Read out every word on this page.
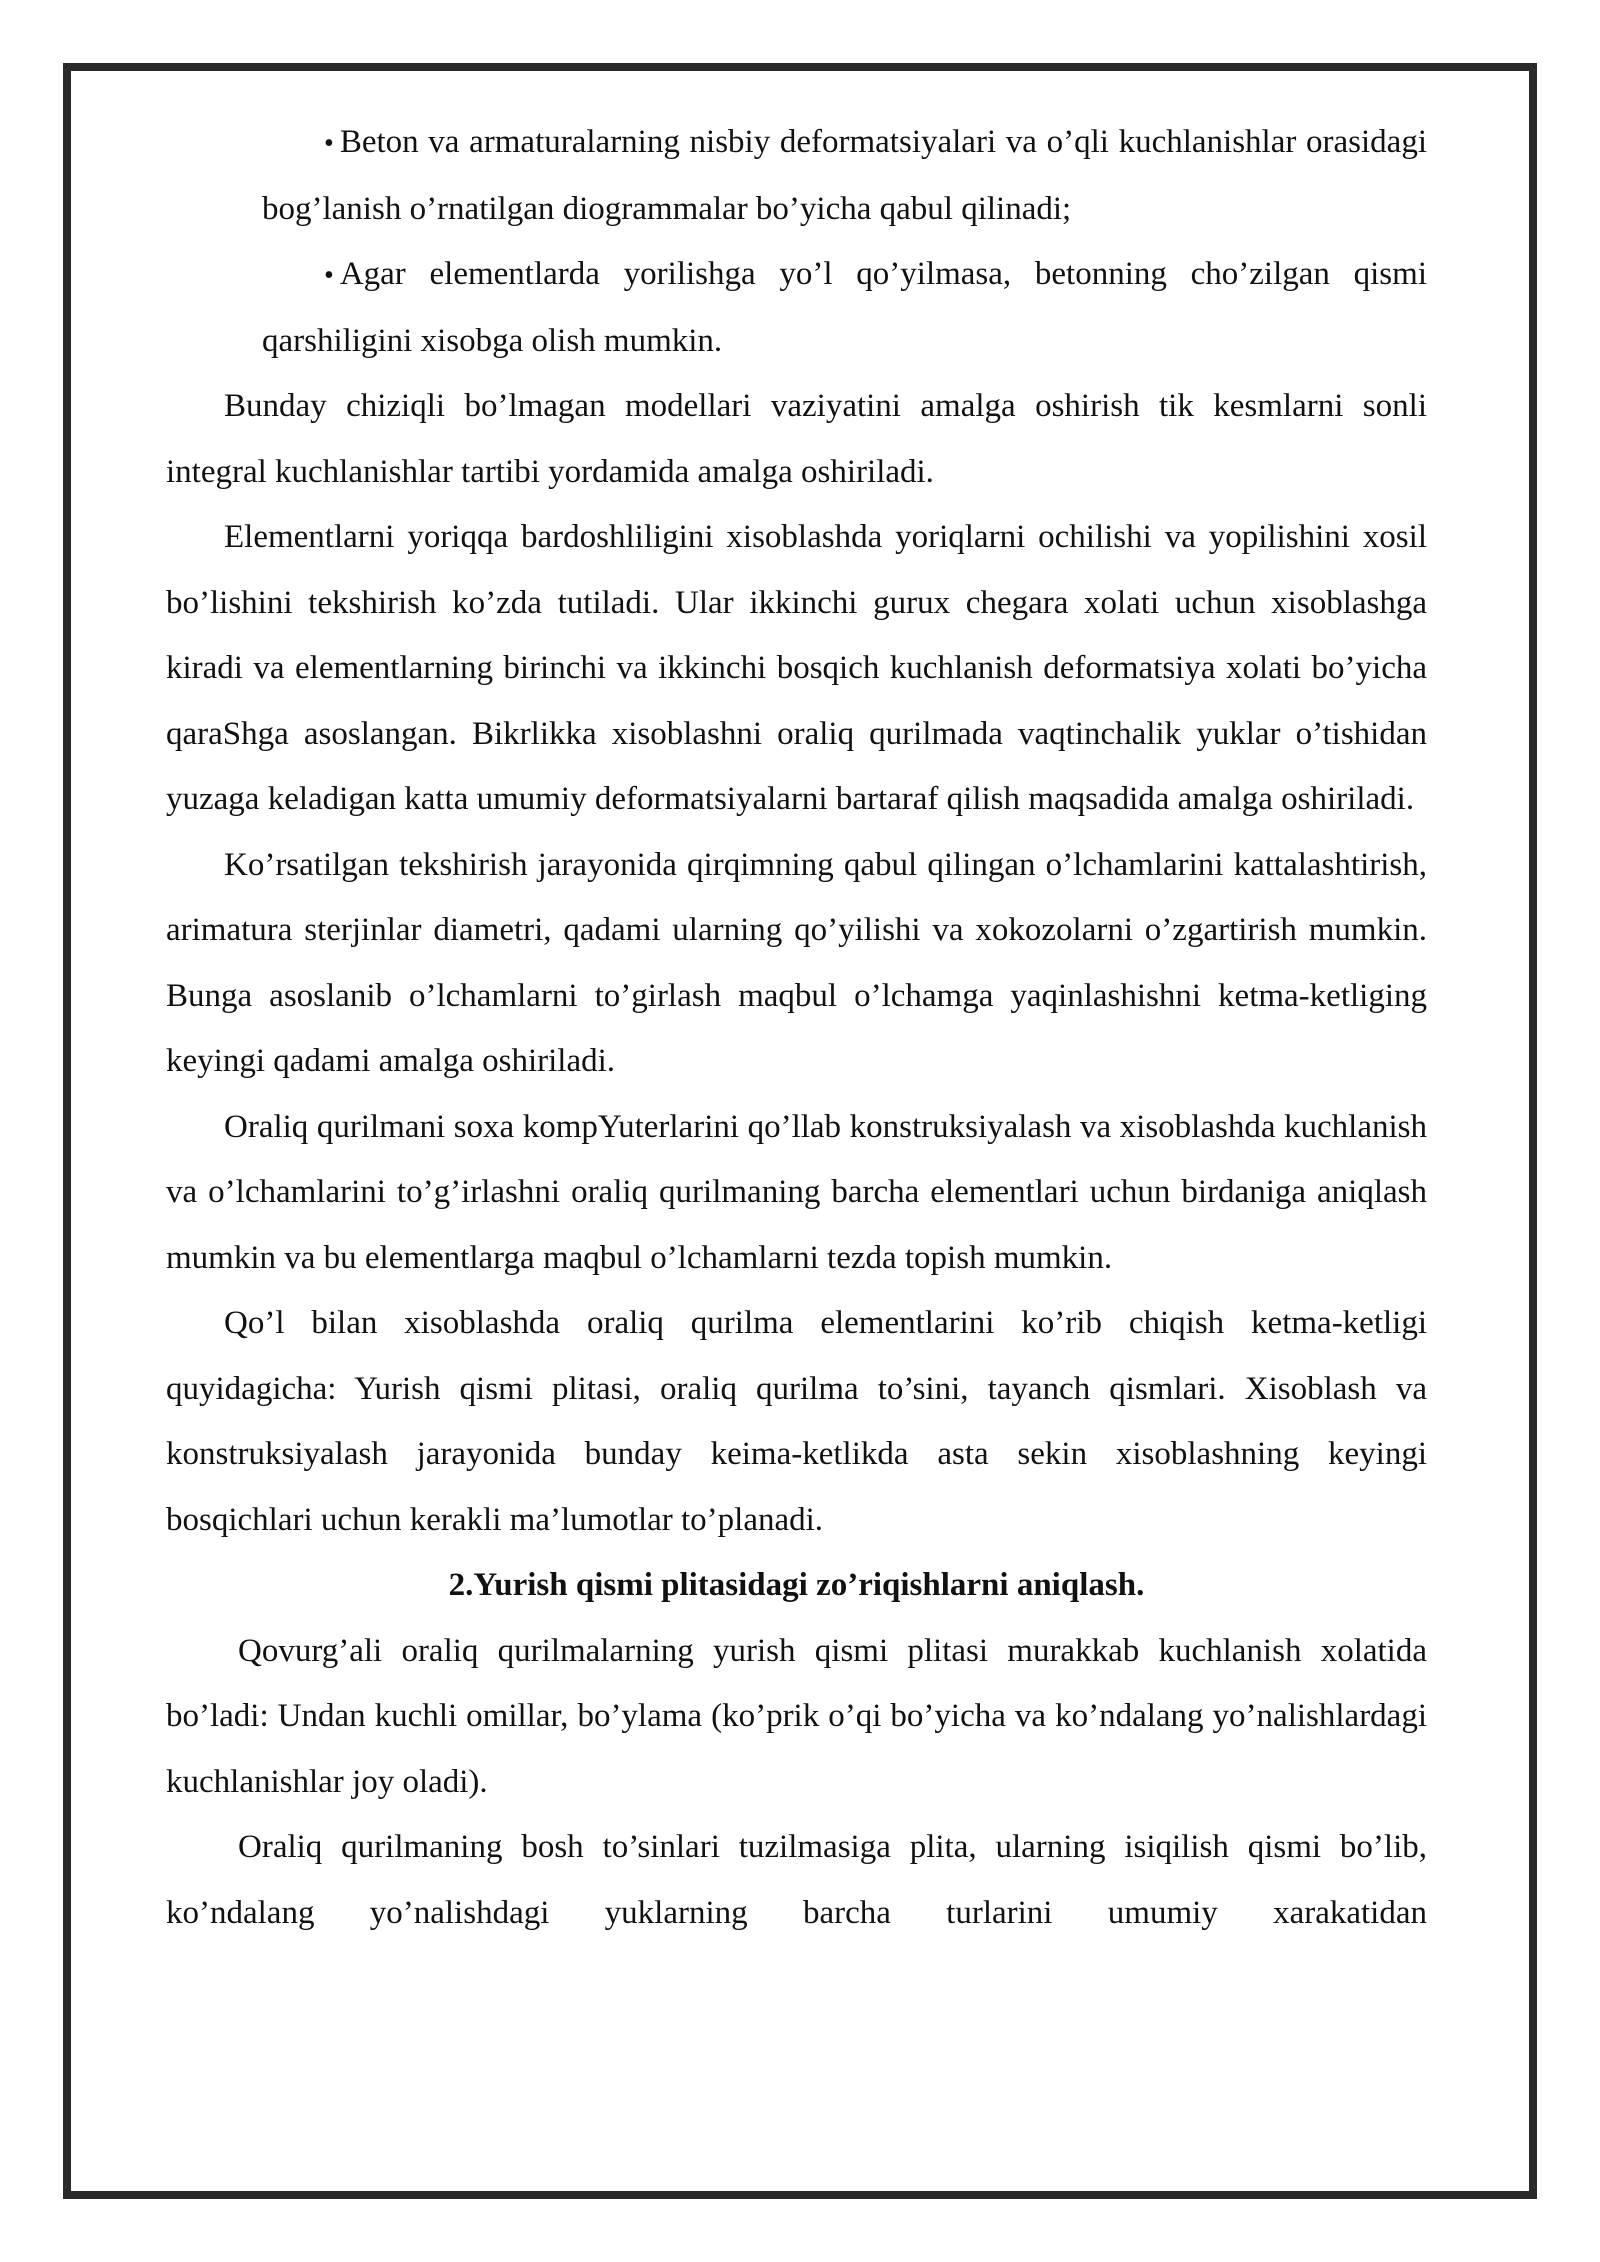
• Beton va armaturalarning nisbiy deformatsiyalari va o’qli kuchlanishlar orasidagi bog’lanish o’rnatilgan diogrammalar bo’yicha qabul qilinadi;

• Agar elementlarda yorilishga yo’l qo’yilmasa, betonning cho’zilgan qismi qarshiligini xisobga olish mumkin.

Bunday chiziqli bo’lmagan modellari vaziyatini amalga oshirish tik kesmlarni sonli integral kuchlanishlar tartibi yordamida amalga oshiriladi.

Elementlarni yoriqqa bardoshliligini xisoblashda yoriqlarni ochilishi va yopilishini xosil bo’lishini tekshirish ko’zda tutiladi. Ular ikkinchi gurux chegara xolati uchun xisoblashga kiradi va elementlarning birinchi va ikkinchi bosqich kuchlanish deformatsiya xolati bo’yicha qaraShga asoslangan. Bikrlikka xisoblashni oraliq qurilmada vaqtinchalik yuklar o’tishidan yuzaga keladigan katta umumiy deformatsiyalarni bartaraf qilish maqsadida amalga oshiriladi.

Ko’rsatilgan tekshirish jarayonida qirqimning qabul qilingan o’lchamlarini kattalashtirish, arimatura sterjinlar diametri, qadami ularning qo’yilishi va xokozolarni o’zgartirish mumkin. Bunga asoslanib o’lchamlarni to’girlash maqbul o’lchamga yaqinlashishni ketma-ketliging keyingi qadami amalga oshiriladi.

Oraliq qurilmani soxa kompYuterlarini qo’llab konstruksiyalash va xisoblashda kuchlanish va o’lchamlarini to’g’irlashni oraliq qurilmaning barcha elementlari uchun birdaniga aniqlash mumkin va bu elementlarga maqbul o’lchamlarni tezda topish mumkin.

Qo’l bilan xisoblashda oraliq qurilma elementlarini ko’rib chiqish ketma-ketligi quyidagicha: Yurish qismi plitasi, oraliq qurilma to’sini, tayanch qismlari. Xisoblash va konstruksiyalash jarayonida bunday keima-ketlikda asta sekin xisoblashning keyingi bosqichlari uchun kerakli ma’lumotlar to’planadi.

2.Yurish qismi plitasidagi zo’riqishlarni aniqlash.

Qovurg’ali oraliq qurilmalarning yurish qismi plitasi murakkab kuchlanish xolatida bo’ladi: Undan kuchli omillar, bo’ylama (ko’prik o’qi bo’yicha va ko’ndalang yo’nalishlardagi kuchlanishlar joy oladi).

Oraliq qurilmaning bosh to’sinlari tuzilmasiga plita, ularning isiqilish qismi bo’lib, ko’ndalang yo’nalishdagi yuklarning barcha turlarini umumiy xarakatidan
